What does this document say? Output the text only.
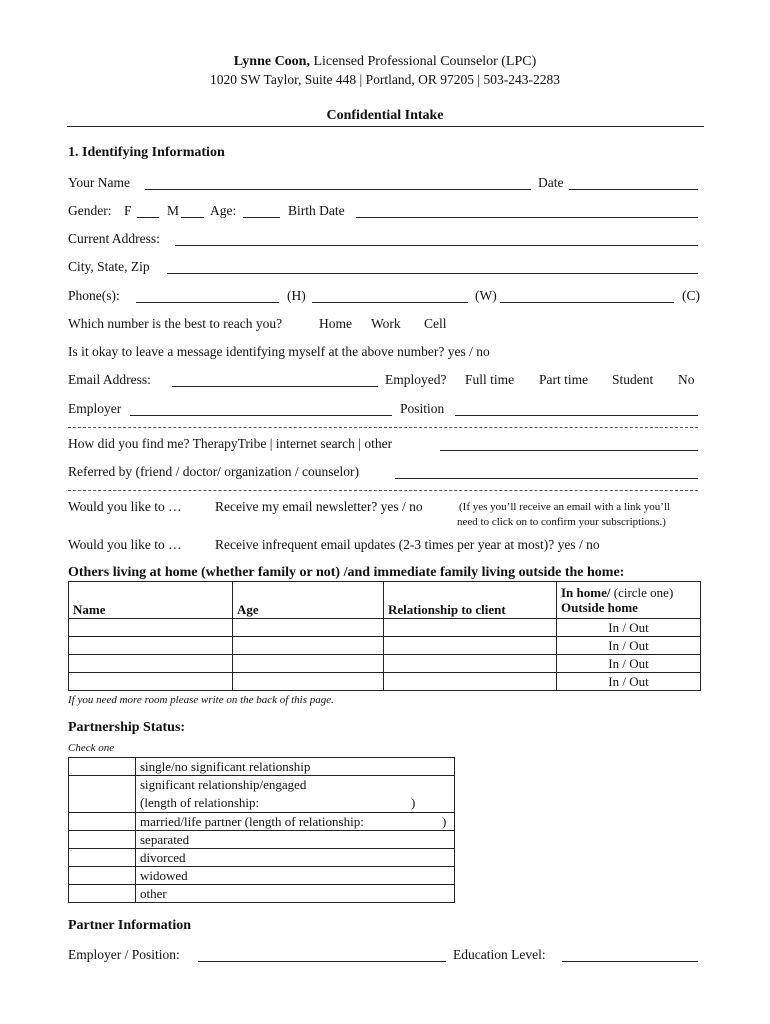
Lynne Coon, Licensed Professional Counselor (LPC)
1020 SW Taylor, Suite 448 | Portland, OR 97205 | 503-243-2283
Confidential Intake
1. Identifying Information
Your Name	Date
Gender: F	M Age:	Birth Date
Current Address:
City, State, Zip
Phone(s):	(H)	(W)	(C)
Which number is the best to reach you?	Home Work Cell
Is it okay to leave a message identifying myself at the above number? yes / no
Email Address:	Employed? Full time Part time Student No
Employer	Position
How did you find me? TherapyTribe | internet search | other
Referred by (friend / doctor/ organization / counselor)
Would you like to … Receive my email newsletter? yes / no	(If yes you’ll receive an email with a link you’ll
need to click on to confirm your subscriptions.)
Would you like to … Receive infrequent email updates (2-3 times per year at most)? yes / no
Others living at home (whether family or not) /and immediate family living outside the home:
Name	Age	Relationship to client	In home/ (circle one)
Outside home
			In / Out
			In / Out
			In / Out
			In / Out
If you need more room please write on the back of this page.
Partnership Status:
Check one
	single/no significant relationship
	significant relationship/engaged
(length of relationship: )

	married/life partner (length of relationship: )

	separated
	divorced
	widowed
	other
Partner Information
Employer / Position:	Education Level:
